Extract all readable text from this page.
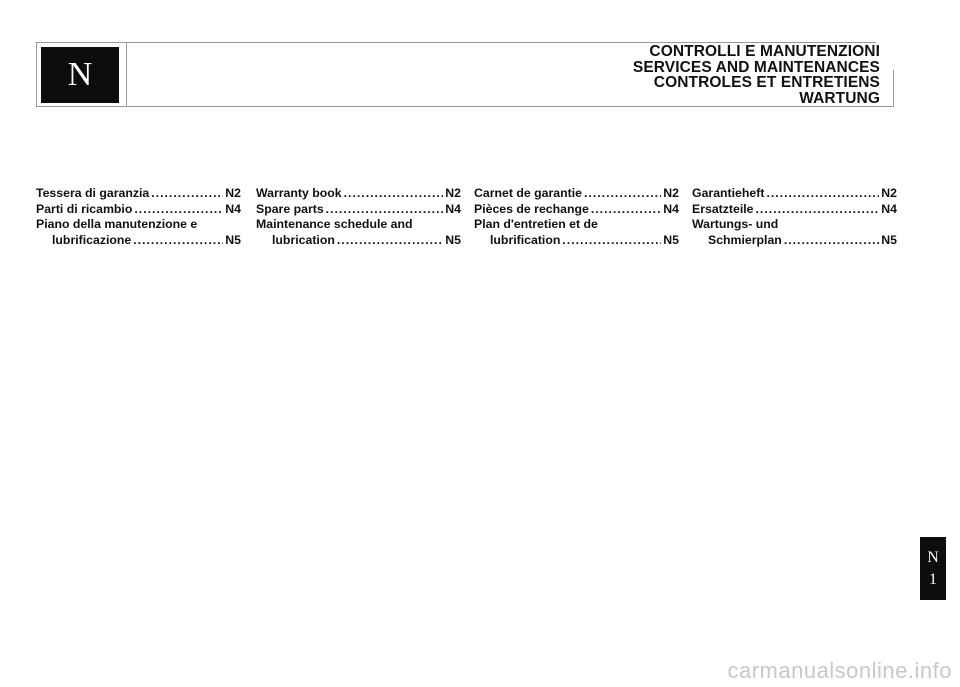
N
CONTROLLI E MANUTENZIONI
SERVICES AND MAINTENANCES
CONTROLES ET ENTRETIENS
WARTUNG
Tessera di garanzia .....	N2
Parti di ricambio .....	N4
Piano della manutenzione e
lubrificazione .....	N5
Warranty book .....	N2
Spare parts .....	N4
Maintenance schedule and
lubrication .....	N5
Carnet de garantie .....	N2
Pièces de rechange .....	N4
Plan d'entretien et de
lubrification .....	N5
Garantieheft .....	N2
Ersatzteile .....	N4
Wartungs- und
Schmierplan .....	N5
N
1
carmanualsonline.info
